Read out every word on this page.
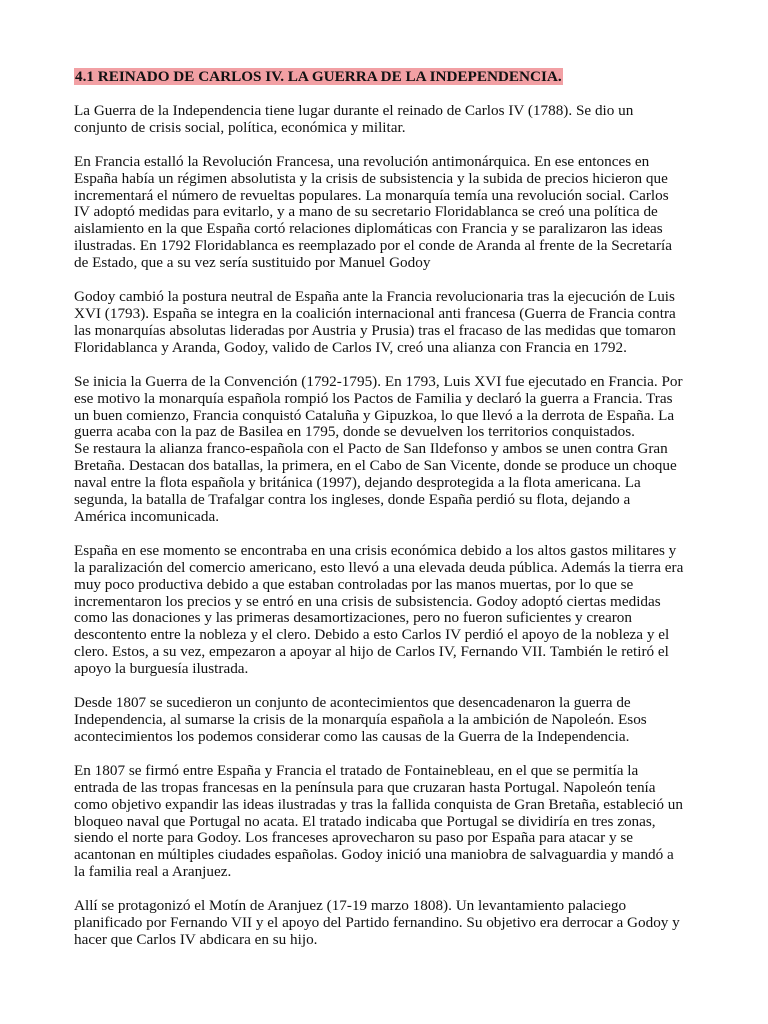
4.1 REINADO DE CARLOS IV. LA GUERRA DE LA INDEPENDENCIA.

La Guerra de la Independencia tiene lugar durante el reinado de Carlos IV (1788). Se dio un
conjunto de crisis social, política, económica y militar.

En Francia estalló la Revolución Francesa, una revolución antimonárquica. En ese entonces en
España había un régimen absolutista y la crisis de subsistencia y la subida de precios hicieron que
incrementará el número de revueltas populares. La monarquía temía una revolución social. Carlos
IV adoptó medidas para evitarlo, y a mano de su secretario Floridablanca se creó una política de
aislamiento en la que España cortó relaciones diplomáticas con Francia y se paralizaron las ideas
ilustradas. En 1792 Floridablanca es reemplazado por el conde de Aranda al frente de la Secretaría
de Estado, que a su vez sería sustituido por Manuel Godoy

Godoy cambió la postura neutral de España ante la Francia revolucionaria tras la ejecución de Luis
XVI (1793). España se integra en la coalición internacional anti francesa (Guerra de Francia contra
las monarquías absolutas lideradas por Austria y Prusia) tras el fracaso de las medidas que tomaron
Floridablanca y Aranda, Godoy, valido de Carlos IV, creó una alianza con Francia en 1792.

Se inicia la Guerra de la Convención (1792-1795). En 1793, Luis XVI fue ejecutado en Francia. Por
ese motivo la monarquía española rompió los Pactos de Familia y declaró la guerra a Francia. Tras
un buen comienzo, Francia conquistó Cataluña y Gipuzkoa, lo que llevó a la derrota de España. La
guerra acaba con la paz de Basilea en 1795, donde se devuelven los territorios conquistados.
Se restaura la alianza franco-española con el Pacto de San Ildefonso y ambos se unen contra Gran
Bretaña. Destacan dos batallas, la primera, en el Cabo de San Vicente, donde se produce un choque
naval entre la flota española y británica (1997), dejando desprotegida a la flota americana. La
segunda, la batalla de Trafalgar contra los ingleses, donde España perdió su flota, dejando a
América incomunicada.

España en ese momento se encontraba en una crisis económica debido a los altos gastos militares y
la paralización del comercio americano, esto llevó a una elevada deuda pública. Además la tierra era
muy poco productiva debido a que estaban controladas por las manos muertas, por lo que se
incrementaron los precios y se entró en una crisis de subsistencia. Godoy adoptó ciertas medidas
como las donaciones y las primeras desamortizaciones, pero no fueron suficientes y crearon
descontento entre la nobleza y el clero. Debido a esto Carlos IV perdió el apoyo de la nobleza y el
clero. Estos, a su vez, empezaron a apoyar al hijo de Carlos IV, Fernando VII. También le retiró el
apoyo la burguesía ilustrada.

Desde 1807 se sucedieron un conjunto de acontecimientos que desencadenaron la guerra de
Independencia, al sumarse la crisis de la monarquía española a la ambición de Napoleón. Esos
acontecimientos los podemos considerar como las causas de la Guerra de la Independencia.

En 1807 se firmó entre España y Francia el tratado de Fontainebleau, en el que se permitía la
entrada de las tropas francesas en la península para que cruzaran hasta Portugal. Napoleón tenía
como objetivo expandir las ideas ilustradas y tras la fallida conquista de Gran Bretaña, estableció un
bloqueo naval que Portugal no acata. El tratado indicaba que Portugal se dividiría en tres zonas,
siendo el norte para Godoy. Los franceses aprovecharon su paso por España para atacar y se
acantonan en múltiples ciudades españolas. Godoy inició una maniobra de salvaguardia y mandó a
la familia real a Aranjuez.

Allí se protagonizó el Motín de Aranjuez (17-19 marzo 1808). Un levantamiento palaciego
planificado por Fernando VII y el apoyo del Partido fernandino. Su objetivo era derrocar a Godoy y
hacer que Carlos IV abdicara en su hijo.
